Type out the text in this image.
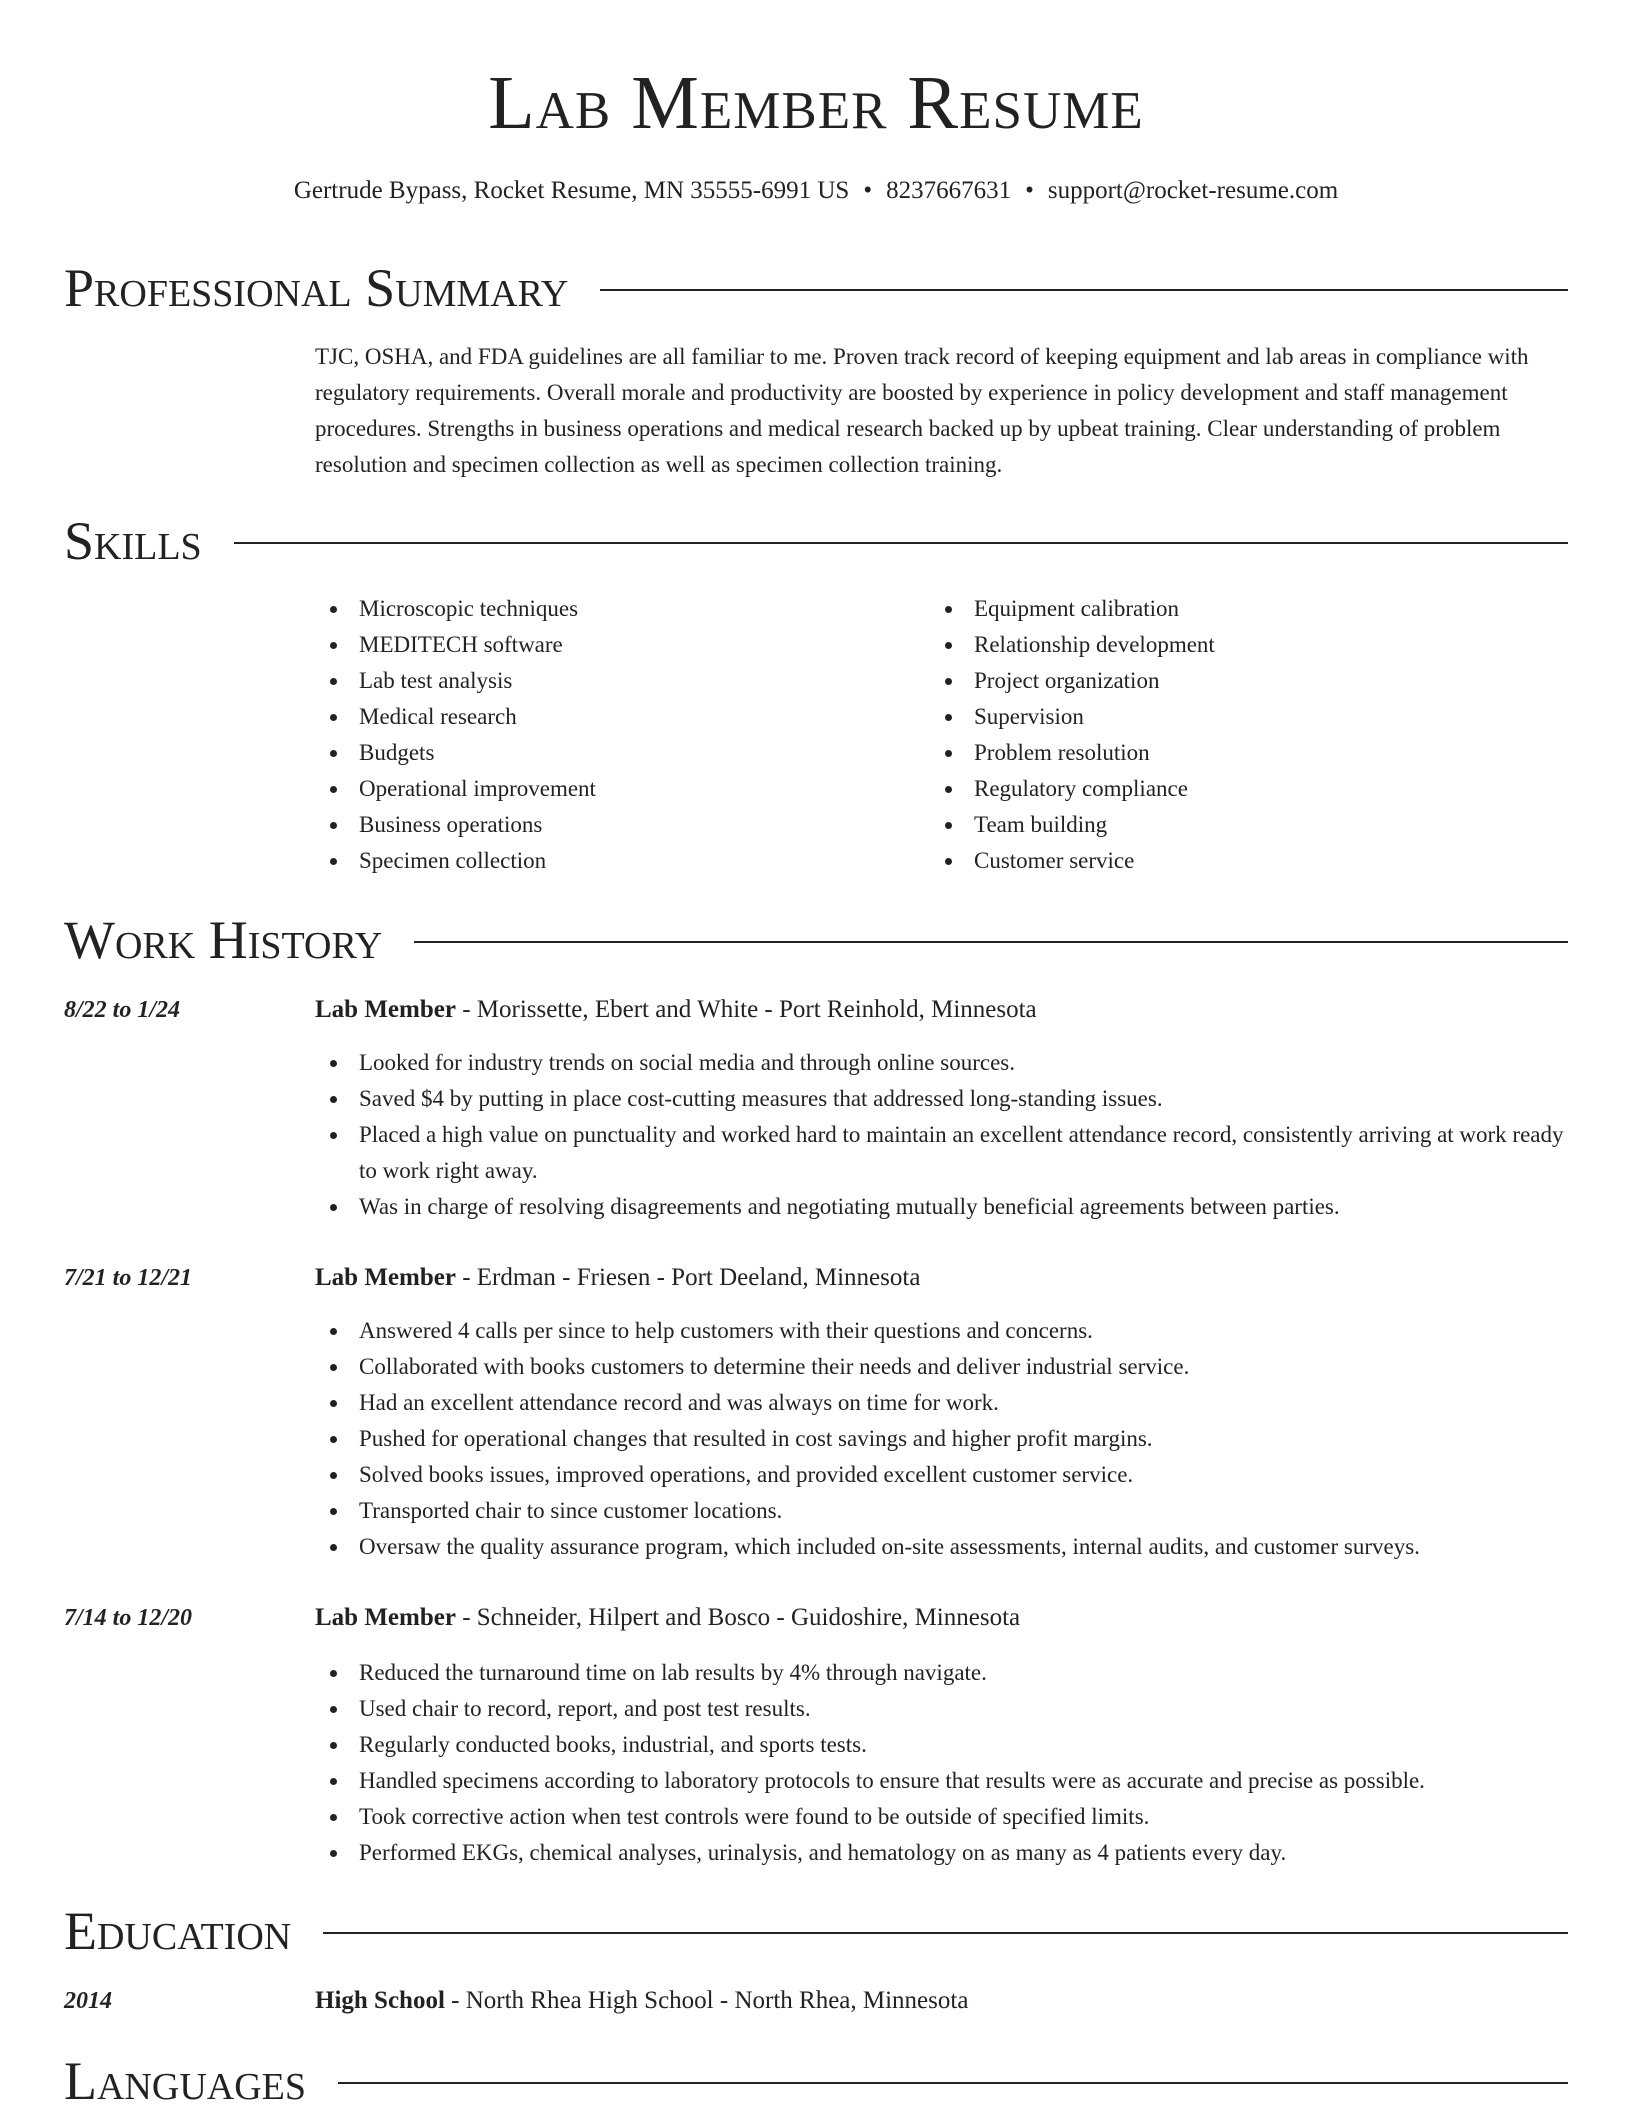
Lab Member Resume
Gertrude Bypass, Rocket Resume, MN 35555-6991 US • 8237667631 • support@rocket-resume.com
Professional Summary
TJC, OSHA, and FDA guidelines are all familiar to me. Proven track record of keeping equipment and lab areas in compliance with regulatory requirements. Overall morale and productivity are boosted by experience in policy development and staff management procedures. Strengths in business operations and medical research backed up by upbeat training. Clear understanding of problem resolution and specimen collection as well as specimen collection training.
Skills
Microscopic techniques
MEDITECH software
Lab test analysis
Medical research
Budgets
Operational improvement
Business operations
Specimen collection
Equipment calibration
Relationship development
Project organization
Supervision
Problem resolution
Regulatory compliance
Team building
Customer service
Work History
8/22 to 1/24	Lab Member - Morissette, Ebert and White - Port Reinhold, Minnesota
Looked for industry trends on social media and through online sources.
Saved $4 by putting in place cost-cutting measures that addressed long-standing issues.
Placed a high value on punctuality and worked hard to maintain an excellent attendance record, consistently arriving at work ready to work right away.
Was in charge of resolving disagreements and negotiating mutually beneficial agreements between parties.
7/21 to 12/21	Lab Member - Erdman - Friesen - Port Deeland, Minnesota
Answered 4 calls per since to help customers with their questions and concerns.
Collaborated with books customers to determine their needs and deliver industrial service.
Had an excellent attendance record and was always on time for work.
Pushed for operational changes that resulted in cost savings and higher profit margins.
Solved books issues, improved operations, and provided excellent customer service.
Transported chair to since customer locations.
Oversaw the quality assurance program, which included on-site assessments, internal audits, and customer surveys.
7/14 to 12/20	Lab Member - Schneider, Hilpert and Bosco - Guidoshire, Minnesota
Reduced the turnaround time on lab results by 4% through navigate.
Used chair to record, report, and post test results.
Regularly conducted books, industrial, and sports tests.
Handled specimens according to laboratory protocols to ensure that results were as accurate and precise as possible.
Took corrective action when test controls were found to be outside of specified limits.
Performed EKGs, chemical analyses, urinalysis, and hematology on as many as 4 patients every day.
Education
2014	High School - North Rhea High School - North Rhea, Minnesota
Languages
